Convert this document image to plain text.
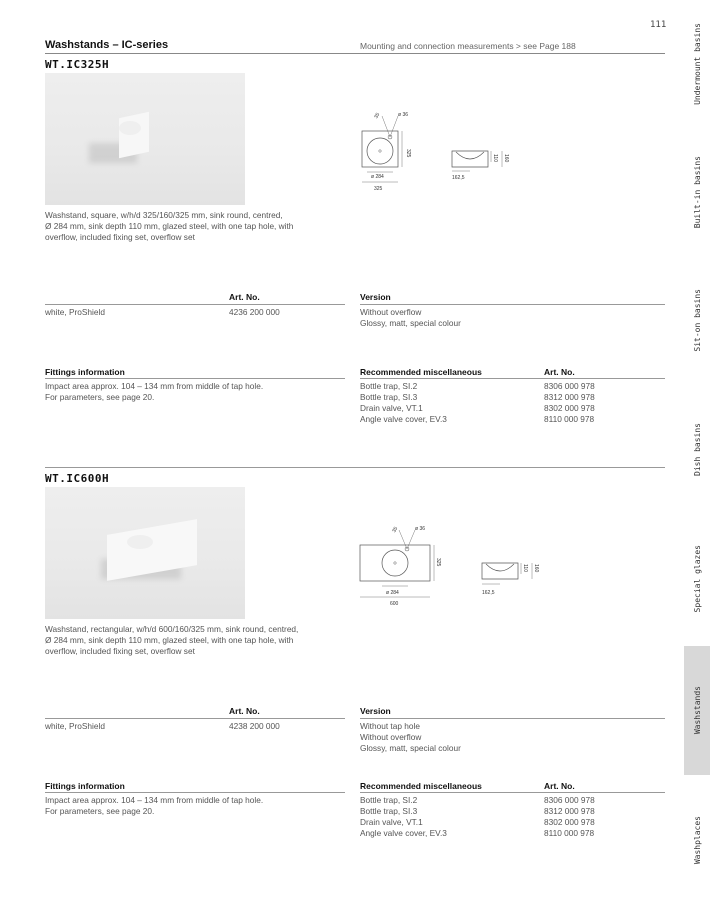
111
Washstands – IC-series	Mounting and connection measurements > see Page 188
WT.IC325H
35	ø 36
325
ø 284
325
110 160
162,5
Washstand, square, w/h/d 325/160/325 mm, sink round, centred,
Ø 284 mm, sink depth 110 mm, glazed steel, with one tap hole, with
overflow, included fixing set, overflow set
Art. No.	Version
white, ProShield	4236 200 000	Without overflow
Glossy, matt, special colour
Fittings information	Recommended miscellaneous	Art. No.
Impact area approx. 104 – 134 mm from middle of tap hole.
For parameters, see page 20.
Bottle trap, SI.2	8306 000 978
Bottle trap, SI.3	8312 000 978
Drain valve, VT.1	8302 000 978
Angle valve cover, EV.3	8110 000 978
WT.IC600H
35	ø 36
325
ø 284
600
110 160
162,5
Washstand, rectangular, w/h/d 600/160/325 mm, sink round, centred,
Ø 284 mm, sink depth 110 mm, glazed steel, with one tap hole, with
overflow, included fixing set, overflow set
Art. No.	Version
white, ProShield	4238 200 000	Without tap hole
Without overflow
Glossy, matt, special colour
Fittings information	Recommended miscellaneous	Art. No.
Impact area approx. 104 – 134 mm from middle of tap hole.
For parameters, see page 20.
Bottle trap, SI.2	8306 000 978
Bottle trap, SI.3	8312 000 978
Drain valve, VT.1	8302 000 978
Angle valve cover, EV.3	8110 000 978
Undermount basins
Built-in basins
Sit-on basins
Dish basins
Special glazes
Washstands
Washplaces
